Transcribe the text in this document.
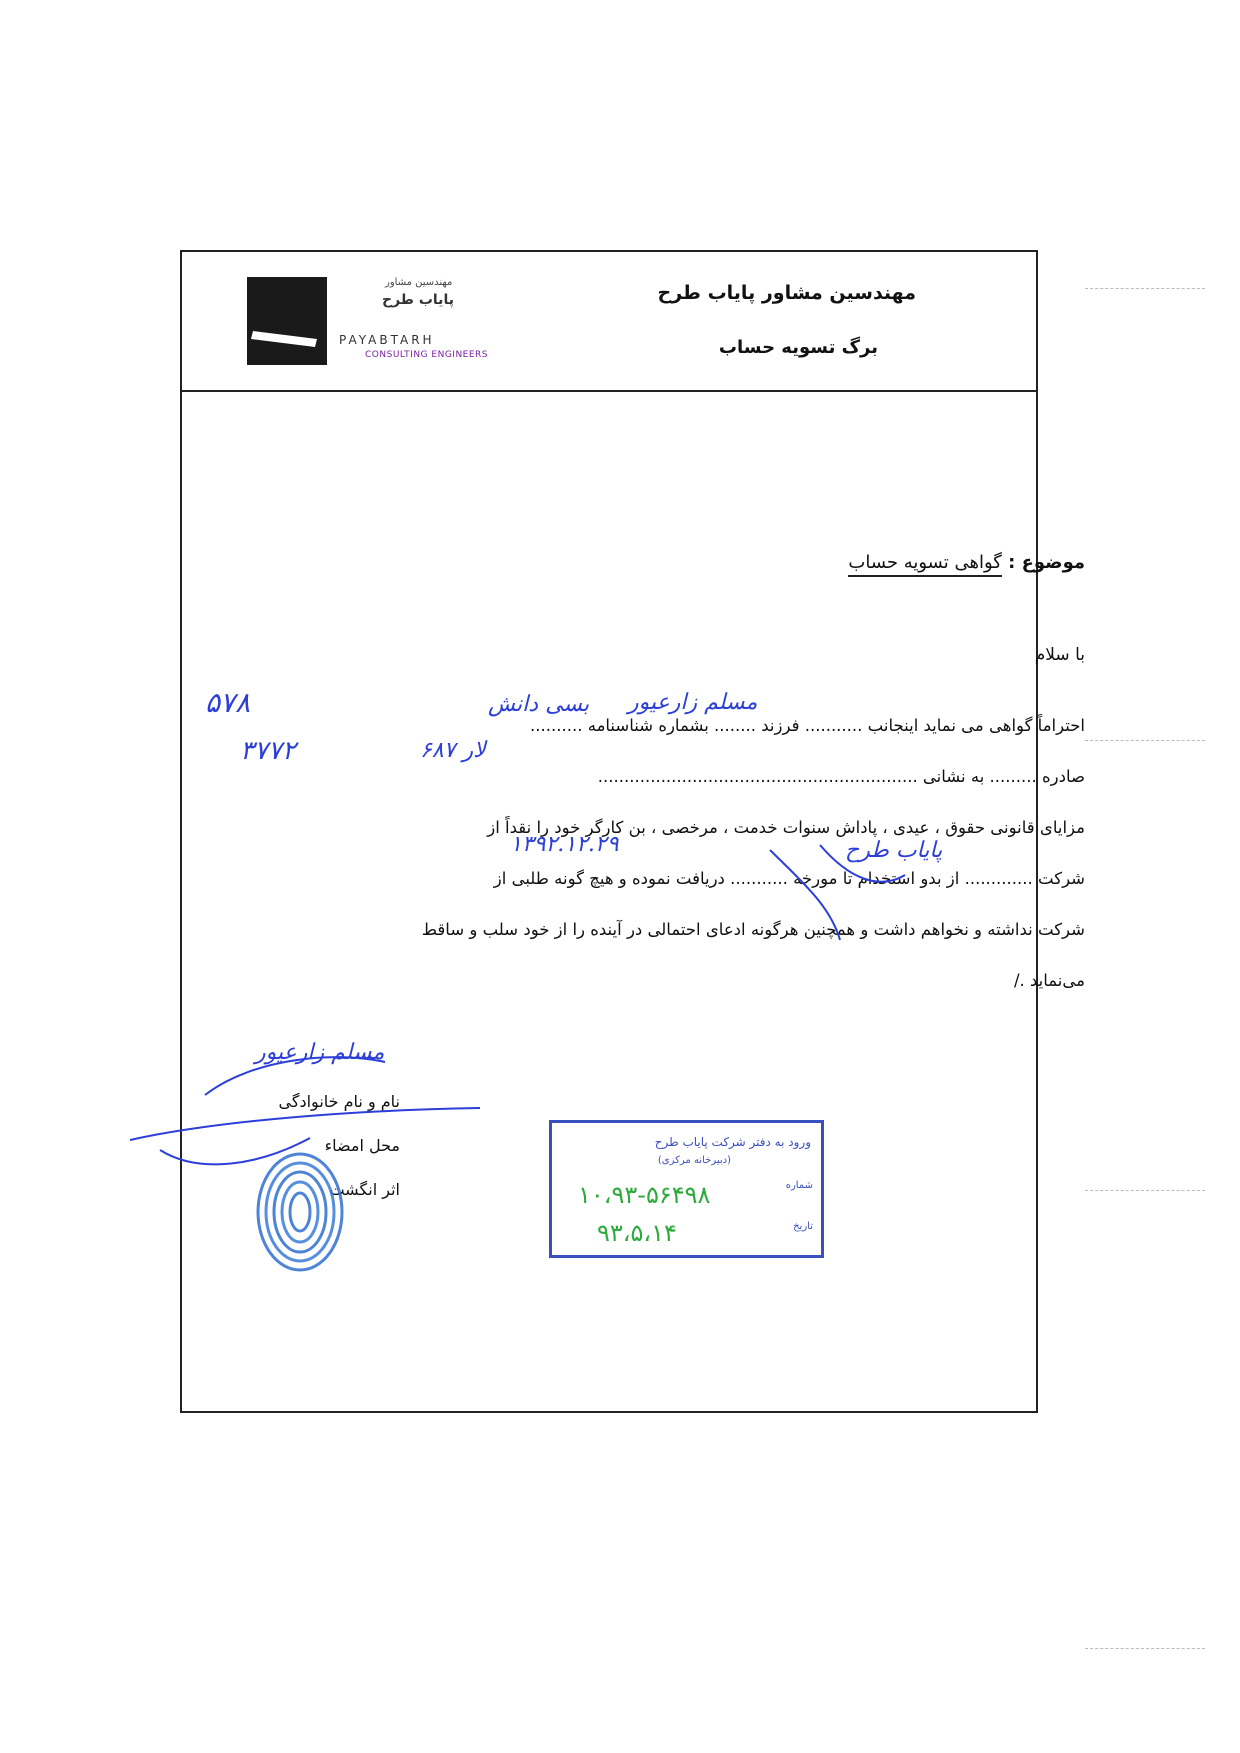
مهندسین مشاور پایاب طرح
برگ تسویه حساب
مهندسین مشاور
پایاب طرح
PAYABTARH
CONSULTING ENGINEERS
موضوع : گواهی تسویه حساب
با سلام

احتراماً گواهی می نماید اینجانب ........... فرزند ........ بشماره شناسنامه ..........

صادره ......... به نشانی .............................................................

مزایای قانونی حقوق ، عیدی ، پاداش سنوات خدمت ، مرخصی ، بن کارگر خود را نقداً از

شرکت ............. از بدو استخدام تا مورخه ........... دریافت نموده و هیچ گونه طلبی از

شرکت نداشته و نخواهم داشت و همچنین هرگونه ادعای احتمالی در آینده را از خود سلب و ساقط

می‌نماید ./

مسلم زارعیور
بسی دانش
۵۷۸
۳۷۷۲	لار ۶۸۷
پایاب طرح
۱۳۹۲.۱۲.۲۹
نام و نام خانوادگی
محل امضاء
اثر انگشت
مسلم زارعیور
ورود به دفتر شرکت پایاب طرح
(دبیرخانه مرکزی)
شماره
تاریخ
۱۰،۹۳-۵۶۴۹۸
۹۳،۵،۱۴
